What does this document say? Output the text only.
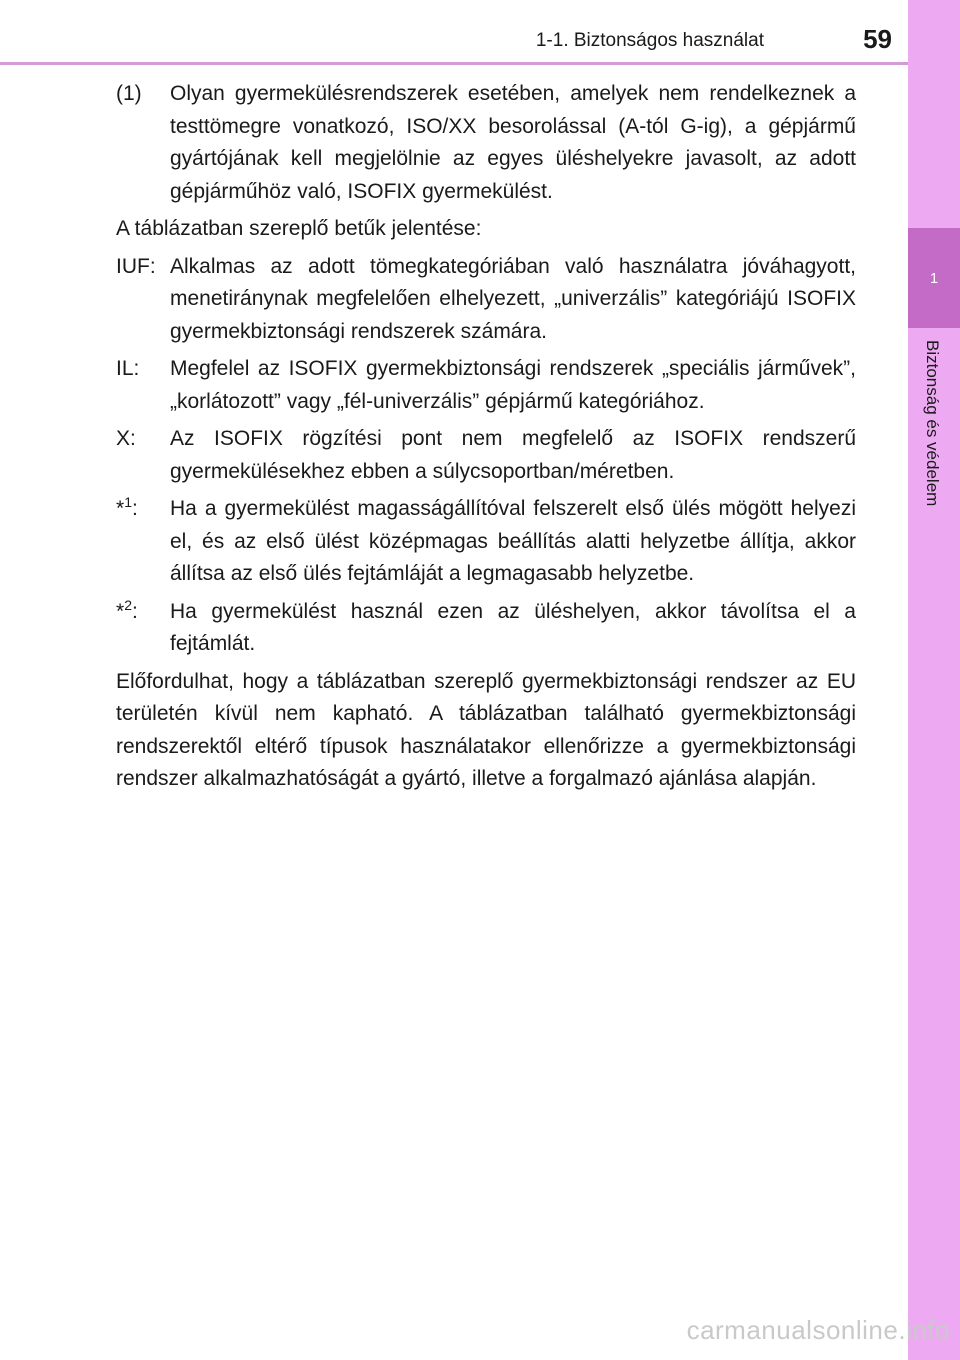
1-1. Biztonságos használat	59
1
Biztonság és védelem
(1)	Olyan gyermekülésrendszerek esetében, amelyek nem rendelkeznek a testtömegre vonatkozó, ISO/XX besorolással (A-tól G-ig), a gépjármű gyártójának kell megjelölnie az egyes üléshelyekre javasolt, az adott gépjárműhöz való, ISOFIX gyermekülést.

A táblázatban szereplő betűk jelentése:

IUF: Alkalmas az adott tömegkategóriában való használatra jóváhagyott, menetiránynak megfelelően elhelyezett, „univerzális” kategóriájú ISOFIX gyermekbiztonsági rendszerek számára.
IL:	Megfelel az ISOFIX gyermekbiztonsági rendszerek „speciális járművek”, „korlátozott” vagy „fél-univerzális” gépjármű kategóriához.
X:	Az ISOFIX rögzítési pont nem megfelelő az ISOFIX rendszerű gyermekülésekhez ebben a súlycsoportban/méretben.
*$^1$:	Ha a gyermekülést magasságállítóval felszerelt első ülés mögött helyezi el, és az első ülést középmagas beállítás alatti helyzetbe állítja, akkor állítsa az első ülés fejtámláját a legmagasabb helyzetbe.
*$^2$:	Ha gyermekülést használ ezen az üléshelyen, akkor távolítsa el a fejtámlát.

Előfordulhat, hogy a táblázatban szereplő gyermekbiztonsági rendszer az EU területén kívül nem kapható. A táblázatban található gyermekbiztonsági rendszerektől eltérő típusok használatakor ellenőrizze a gyermekbiztonsági rendszer alkalmazhatóságát a gyártó, illetve a forgalmazó ajánlása alapján.

carmanualsonline.info
